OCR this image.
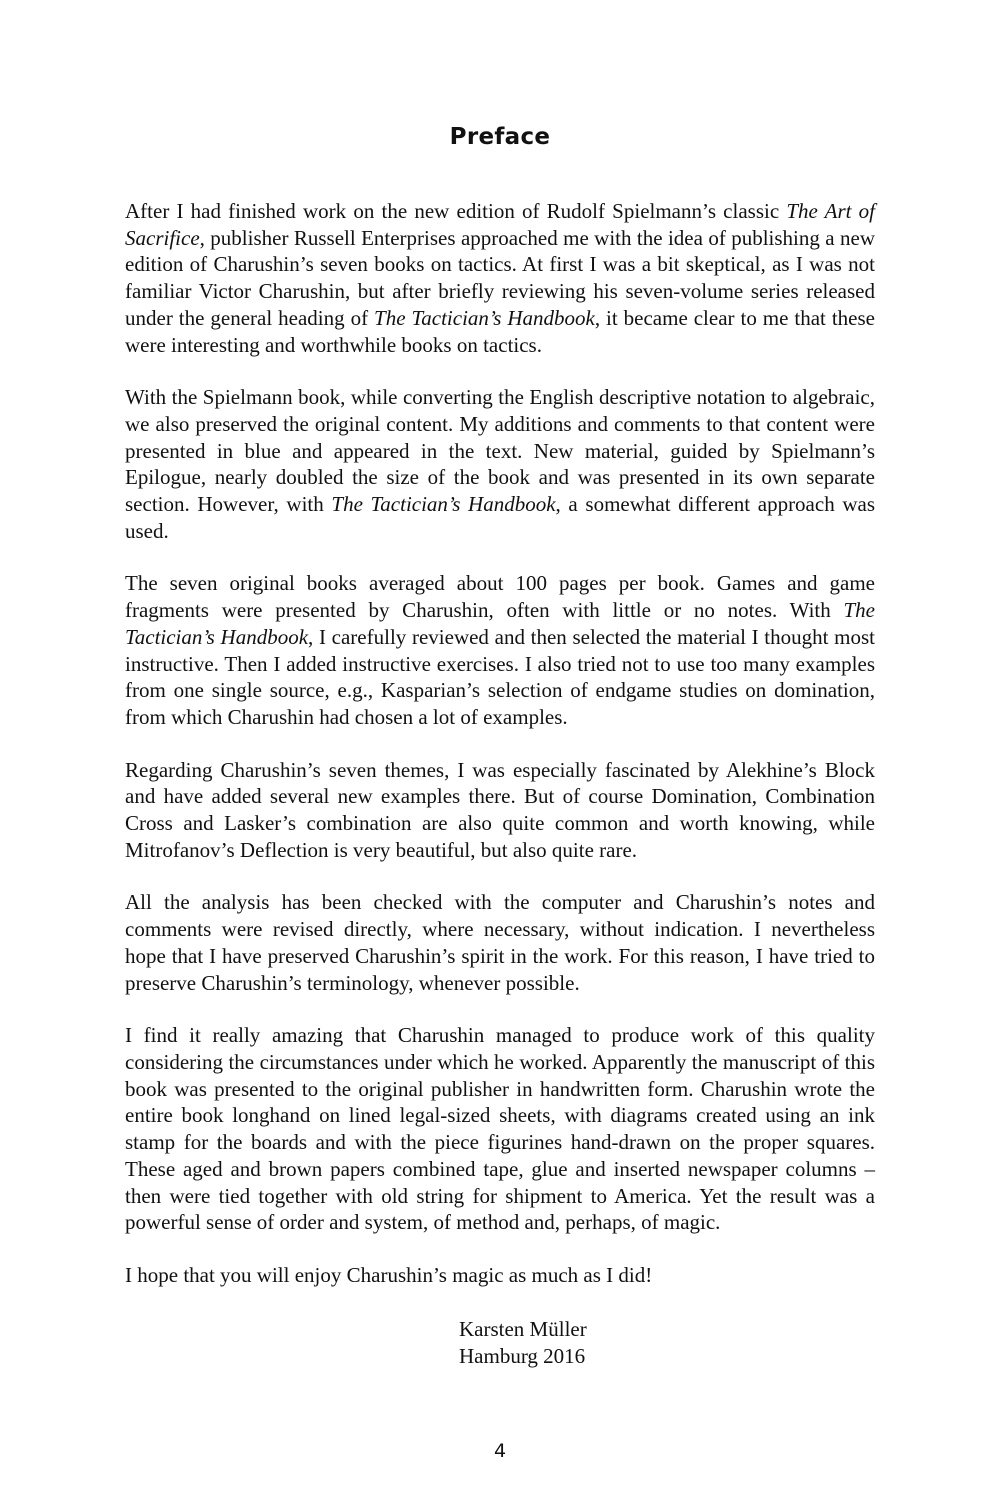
Preface

After I had finished work on the new edition of Rudolf Spielmann’s classic The Art of Sacrifice, publisher Russell Enterprises approached me with the idea of publishing a new edition of Charushin’s seven books on tactics. At first I was a bit skeptical, as I was not familiar Victor Charushin, but after briefly reviewing his seven-volume series released under the general heading of The Tactician’s Handbook, it became clear to me that these were interesting and worthwhile books on tactics.

With the Spielmann book, while converting the English descriptive notation to algebraic, we also preserved the original content. My additions and comments to that content were presented in blue and appeared in the text. New material, guided by Spielmann’s Epilogue, nearly doubled the size of the book and was presented in its own separate section. However, with The Tactician’s Handbook, a somewhat different approach was used.

The seven original books averaged about 100 pages per book. Games and game fragments were presented by Charushin, often with little or no notes. With The Tactician’s Handbook, I carefully reviewed and then selected the material I thought most instructive. Then I added instructive exercises. I also tried not to use too many examples from one single source, e.g., Kasparian’s selection of endgame studies on domination, from which Charushin had chosen a lot of examples.

Regarding Charushin’s seven themes, I was especially fascinated by Alekhine’s Block and have added several new examples there. But of course Domination, Combination Cross and Lasker’s combination are also quite common and worth knowing, while Mitrofanov’s Deflection is very beautiful, but also quite rare.

All the analysis has been checked with the computer and Charushin’s notes and comments were revised directly, where necessary, without indication. I nevertheless hope that I have preserved Charushin’s spirit in the work. For this reason, I have tried to preserve Charushin’s terminology, whenever possible.

I find it really amazing that Charushin managed to produce work of this quality considering the circumstances under which he worked. Apparently the manuscript of this book was presented to the original publisher in handwritten form. Charushin wrote the entire book longhand on lined legal-sized sheets, with diagrams created using an ink stamp for the boards and with the piece figurines hand-drawn on the proper squares. These aged and brown papers combined tape, glue and inserted newspaper columns – then were tied together with old string for shipment to America. Yet the result was a powerful sense of order and system, of method and, perhaps, of magic.

I hope that you will enjoy Charushin’s magic as much as I did!

Karsten Müller
Hamburg 2016
4
